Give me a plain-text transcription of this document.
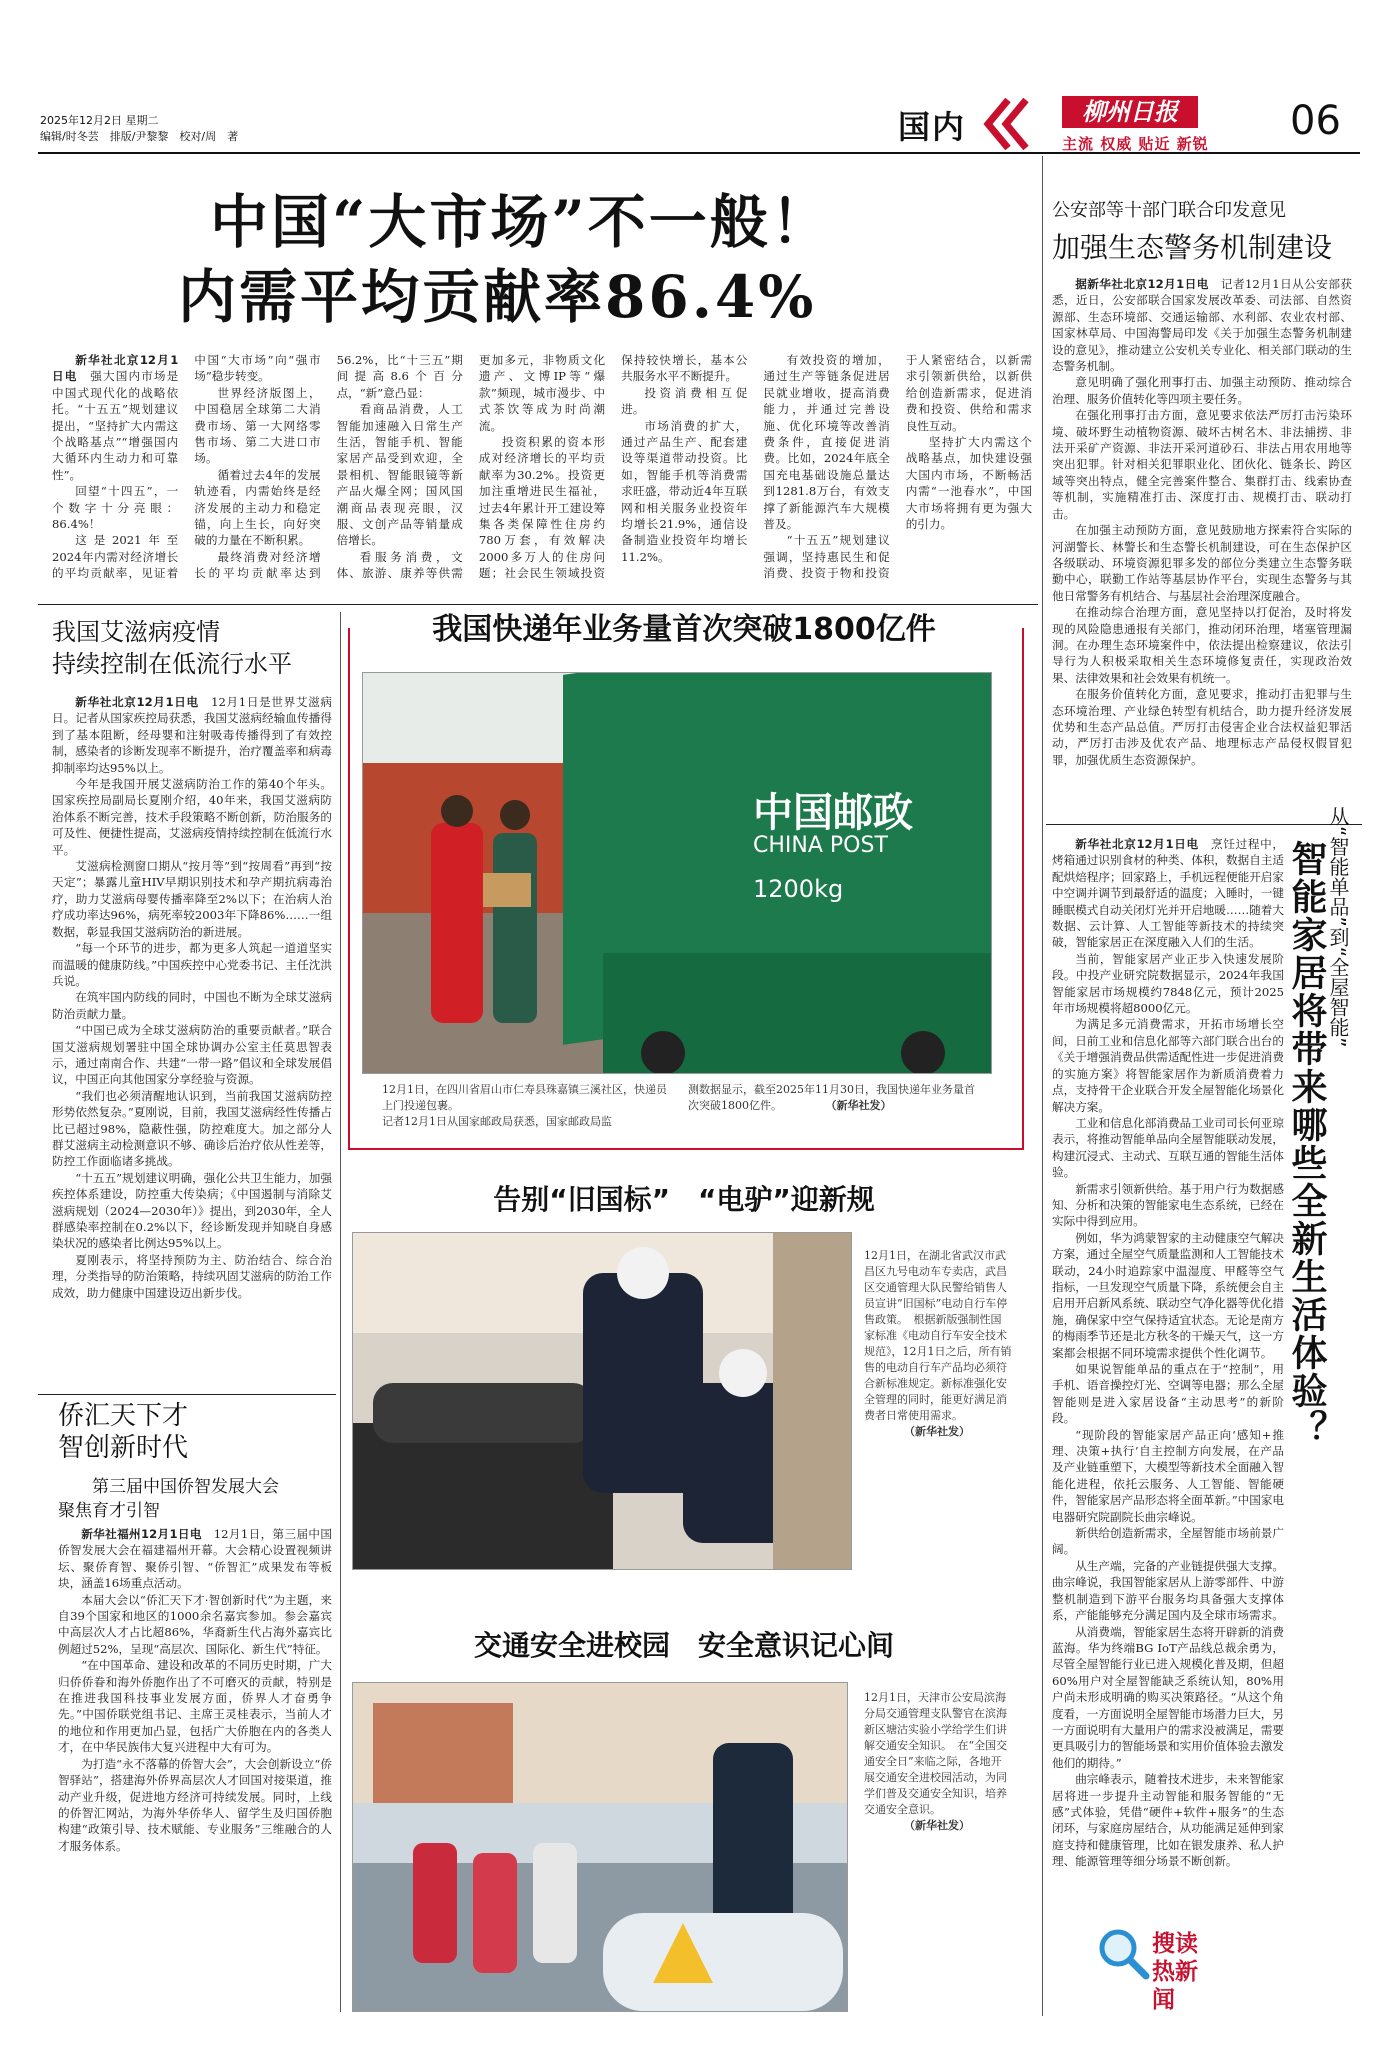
2025年12月2日 星期二
编辑/时冬芸　排版/尹黎黎　校对/周　著	国内	柳州日报
主流 权威 贴近 新锐 06
中国“大市场”不一般！
内需平均贡献率86.4%

新华社北京12月1日电　 强大国内市场是中国式现代化的战略依托。“十五五”规划建议提出，“坚持扩大内需这个战略基点”“增强国内大循环内生动力和可靠性”。

回望“十四五”，一个数字十分亮眼：86.4%！

这是2021年至2024年内需对经济增长的平均贡献率，见证着中国“大市场”向“强市场”稳步转变。

世界经济版图上，中国稳居全球第二大消费市场、第一大网络零售市场、第二大进口市场。

循着过去4年的发展轨迹看，内需始终是经济发展的主动力和稳定锚，向上生长，向好突破的力量在不断积累。

最终消费对经济增长的平均贡献率达到56.2%，比“十三五”期间提高8.6个百分点，“新”意凸显：

看商品消费，人工智能加速融入日常生产生活，智能手机、智能家居产品受到欢迎，全景相机、智能眼镜等新产品火爆全网；国风国潮商品表现亮眼，汉服、文创产品等销量成倍增长。

看服务消费，文体、旅游、康养等供需更加多元，非物质文化遗产、文博IP等“爆款”频现，城市漫步、中式茶饮等成为时尚潮流。

投资积累的资本形成对经济增长的平均贡献率为30.2%。投资更加注重增进民生福祉，过去4年累计开工建设筹集各类保障性住房约780万套，有效解决2000多万人的住房问题；社会民生领域投资保持较快增长，基本公共服务水平不断提升。

投资消费相互促进。

市场消费的扩大，通过产品生产、配套建设等渠道带动投资。比如，智能手机等消费需求旺盛，带动近4年互联网和相关服务业投资年均增长21.9%，通信设备制造业投资年均增长11.2%。

有效投资的增加，通过生产等链条促进居民就业增收，提高消费能力，并通过完善设施、优化环境等改善消费条件，直接促进消费。比如，2024年底全国充电基础设施总量达到1281.8万台，有效支撑了新能源汽车大规模普及。

“十五五”规划建议强调，坚持惠民生和促消费、投资于物和投资于人紧密结合，以新需求引领新供给，以新供给创造新需求，促进消费和投资、供给和需求良性互动。

坚持扩大内需这个战略基点，加快建设强大国内市场，不断畅活内需“一池春水”，中国大市场将拥有更为强大的引力。

我国艾滋病疫情
持续控制在低流行水平

新华社北京12月1日电　 12月1日是世界艾滋病日。记者从国家疾控局获悉，我国艾滋病经输血传播得到了基本阻断，经母婴和注射吸毒传播得到了有效控制，感染者的诊断发现率不断提升，治疗覆盖率和病毒抑制率均达95%以上。

今年是我国开展艾滋病防治工作的第40个年头。国家疾控局副局长夏刚介绍，40年来，我国艾滋病防治体系不断完善，技术手段策略不断创新，防治服务的可及性、便捷性提高，艾滋病疫情持续控制在低流行水平。

艾滋病检测窗口期从“按月等”到“按周看”再到“按天定”；暴露儿童HIV早期识别技术和孕产期抗病毒治疗，助力艾滋病母婴传播率降至2%以下；在治病人治疗成功率达96%，病死率较2003年下降86%……一组数据，彰显我国艾滋病防治的新进展。

“每一个环节的进步，都为更多人筑起一道道坚实而温暖的健康防线。”中国疾控中心党委书记、主任沈洪兵说。

在筑牢国内防线的同时，中国也不断为全球艾滋病防治贡献力量。

“中国已成为全球艾滋病防治的重要贡献者。”联合国艾滋病规划署驻中国全球协调办公室主任莫思智表示，通过南南合作、共建“一带一路”倡议和全球发展倡议，中国正向其他国家分享经验与资源。

“我们也必须清醒地认识到，当前我国艾滋病防控形势依然复杂。”夏刚说，目前，我国艾滋病经性传播占比已超过98%，隐蔽性强，防控难度大。加之部分人群艾滋病主动检测意识不够、确诊后治疗依从性差等，防控工作面临诸多挑战。

“十五五”规划建议明确，强化公共卫生能力，加强疾控体系建设，防控重大传染病；《中国遏制与消除艾滋病规划（2024—2030年）》提出，到2030年，全人群感染率控制在0.2%以下，经诊断发现并知晓自身感染状况的感染者比例达95%以上。

夏刚表示，将坚持预防为主、防治结合、综合治理，分类指导的防治策略，持续巩固艾滋病的防治工作成效，助力健康中国建设迈出新步伐。

侨汇天下才
智创新时代
第三届中国侨智发展大会
聚焦育才引智

新华社福州12月1日电　 12月1日，第三届中国侨智发展大会在福建福州开幕。大会精心设置视频讲坛、聚侨育智、聚侨引智、“侨智汇”成果发布等板块，涵盖16场重点活动。

本届大会以“侨汇天下才·智创新时代”为主题，来自39个国家和地区的1000余名嘉宾参加。参会嘉宾中高层次人才占比超86%，华裔新生代占海外嘉宾比例超过52%，呈现“高层次、国际化、新生代”特征。

“在中国革命、建设和改革的不同历史时期，广大归侨侨眷和海外侨胞作出了不可磨灭的贡献，特别是在推进我国科技事业发展方面，侨界人才奋勇争先。”中国侨联党组书记、主席王灵桂表示，当前人才的地位和作用更加凸显，包括广大侨胞在内的各类人才，在中华民族伟大复兴进程中大有可为。

为打造“永不落幕的侨智大会”，大会创新设立“侨智驿站”，搭建海外侨界高层次人才回国对接渠道，推动产业升级，促进地方经济可持续发展。同时，上线的侨智汇网站，为海外华侨华人、留学生及归国侨胞构建“政策引导、技术赋能、专业服务”三维融合的人才服务体系。

我国快递年业务量首次突破1800亿件
中国邮政
CHINA POST
1200kg
12月1日，在四川省眉山市仁寿县珠嘉镇三溪社区，快递员上门投递包裹。
记者12月1日从国家邮政局获悉，国家邮政局监
测数据显示，截至2025年11月30日，我国快递年业务量首次突破1800亿件。	（新华社发）
告别“旧国标”　“电驴”迎新规
12月1日，在湖北省武汉市武昌区九号电动车专卖店，武昌区交通管理大队民警给销售人员宣讲“旧国标”电动自行车停售政策。　根据新版强制性国家标准《电动自行车安全技术规范》，12月1日之后，所有销售的电动自行车产品均必须符合新标准规定。新标准强化安全管理的同时，能更好满足消费者日常使用需求。
（新华社发）
交通安全进校园　安全意识记心间
12月1日，天津市公安局滨海分局交通管理支队警官在滨海新区塘沽实验小学给学生们讲解交通安全知识。　在“全国交通安全日”来临之际，各地开展交通安全进校园活动，为同学们普及交通安全知识，培养交通安全意识。
（新华社发）
公安部等十部门联合印发意见
加强生态警务机制建设

据新华社北京12月1日电　 记者12月1日从公安部获悉，近日，公安部联合国家发展改革委、司法部、自然资源部、生态环境部、交通运输部、水利部、农业农村部、国家林草局、中国海警局印发《关于加强生态警务机制建设的意见》，推动建立公安机关专业化、相关部门联动的生态警务机制。

意见明确了强化刑事打击、加强主动预防、推动综合治理、服务价值转化等四项主要任务。

在强化刑事打击方面，意见要求依法严厉打击污染环境、破坏野生动植物资源、破坏古树名木、非法捕捞、非法开采矿产资源、非法开采河道砂石、非法占用农用地等突出犯罪。针对相关犯罪职业化、团伙化、链条长、跨区域等突出特点，健全完善案件整合、集群打击、线索协查等机制，实施精准打击、深度打击、规模打击、联动打击。

在加强主动预防方面，意见鼓励地方探索符合实际的河湖警长、林警长和生态警长机制建设，可在生态保护区各级联动、环境资源犯罪多发的部位分类建立生态警务联勤中心，联勤工作站等基层协作平台，实现生态警务与其他日常警务有机结合、与基层社会治理深度融合。

在推动综合治理方面，意见坚持以打促治，及时将发现的风险隐患通报有关部门，推动闭环治理，堵塞管理漏洞。在办理生态环境案件中，依法提出检察建议，依法引导行为人积极采取相关生态环境修复责任，实现政治效果、法律效果和社会效果有机统一。

在服务价值转化方面，意见要求，推动打击犯罪与生态环境治理、产业绿色转型有机结合，助力提升经济发展优势和生态产品总值。严厉打击侵害企业合法权益犯罪活动，严厉打击涉及优农产品、地理标志产品侵权假冒犯罪，加强优质生态资源保护。

新华社北京12月1日电　 烹饪过程中，烤箱通过识别食材的种类、体积，数据自主适配烘焙程序；回家路上，手机远程便能开启家中空调并调节到最舒适的温度；入睡时，一键睡眠模式自动关闭灯光并开启地暖……随着大数据、云计算、人工智能等新技术的持续突破，智能家居正在深度融入人们的生活。

当前，智能家居产业正步入快速发展阶段。中投产业研究院数据显示，2024年我国智能家居市场规模约7848亿元，预计2025年市场规模将超8000亿元。

为满足多元消费需求，开拓市场增长空间，日前工业和信息化部等六部门联合出台的《关于增强消费品供需适配性进一步促进消费的实施方案》将智能家居作为新质消费着力点，支持骨干企业联合开发全屋智能化场景化解决方案。

工业和信息化部消费品工业司司长何亚琼表示，将推动智能单品向全屋智能联动发展，构建沉浸式、主动式、互联互通的智能生活体验。

新需求引领新供给。基于用户行为数据感知、分析和决策的智能家电生态系统，已经在实际中得到应用。

例如，华为鸿蒙智家的主动健康空气解决方案，通过全屋空气质量监测和人工智能技术联动，24小时追踪家中温湿度、甲醛等空气指标，一旦发现空气质量下降，系统便会自主启用开启新风系统、联动空气净化器等优化措施，确保家中空气保持适宜状态。无论是南方的梅雨季节还是北方秋冬的干燥天气，这一方案都会根据不同环境需求提供个性化调节。

如果说智能单品的重点在于“控制”，用手机、语音操控灯光、空调等电器；那么全屋智能则是进入家居设备“主动思考”的新阶段。

“现阶段的智能家居产品正向‘感知+推理、决策+执行’自主控制方向发展，在产品及产业链重塑下，大模型等新技术全面融入智能化进程，依托云服务、人工智能、智能硬件，智能家居产品形态将全面革新。”中国家电电器研究院副院长曲宗峰说。

新供给创造新需求，全屋智能市场前景广阔。

从生产端，完备的产业链提供强大支撑。曲宗峰说，我国智能家居从上游零部件、中游整机制造到下游平台服务均具备强大支撑体系，产能能够充分满足国内及全球市场需求。

从消费端，智能家居生态将开辟新的消费蓝海。华为终端BG IoT产品线总裁余勇为，尽管全屋智能行业已进入规模化普及期，但超60%用户对全屋智能缺乏系统认知，80%用户尚未形成明确的购买决策路径。“从这个角度看，一方面说明全屋智能市场潜力巨大，另一方面说明有大量用户的需求没被满足，需要更具吸引力的智能场景和实用价值体验去激发他们的期待。”

曲宗峰表示，随着技术进步，未来智能家居将进一步提升主动智能和服务智能的“无感”式体验，凭借“硬件+软件+服务”的生态闭环，与家庭房屋结合，从功能满足延伸到家庭支持和健康管理，比如在银发康养、私人护理、能源管理等细分场景不断创新。

从“智能单品”到“全屋智能”
智能家居将带来哪些全新生活体验？
搜读热新闻
